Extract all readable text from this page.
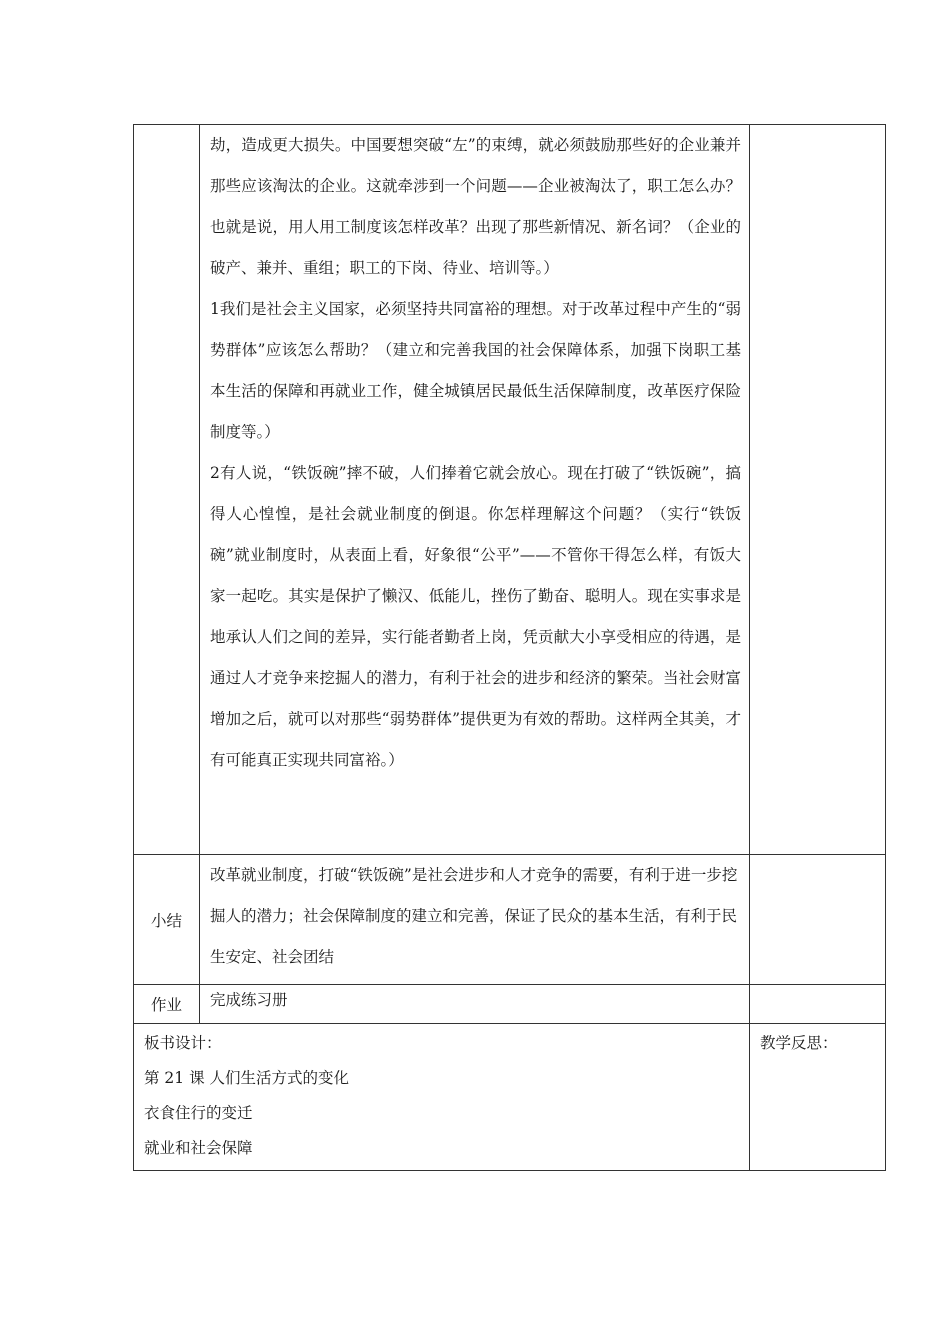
	劫，造成更大损失。中国要想突破“左”的束缚，就必须鼓励那些好的企业兼并那些应该淘汰的企业。这就牵涉到一个问题——企业被淘汰了，职工怎么办？也就是说，用人用工制度该怎样改革？出现了那些新情况、新名词？（企业的破产、兼并、重组；职工的下岗、待业、培训等。）

1我们是社会主义国家，必须坚持共同富裕的理想。对于改革过程中产生的“弱势群体”应该怎么帮助？（建立和完善我国的社会保障体系，加强下岗职工基本生活的保障和再就业工作，健全城镇居民最低生活保障制度，改革医疗保险制度等。）

2有人说，“铁饭碗”摔不破，人们捧着它就会放心。现在打破了“铁饭碗”，搞得人心惶惶，是社会就业制度的倒退。你怎样理解这个问题？（实行“铁饭碗”就业制度时，从表面上看，好象很“公平”——不管你干得怎么样，有饭大家一起吃。其实是保护了懒汉、低能儿，挫伤了勤奋、聪明人。现在实事求是地承认人们之间的差异，实行能者勤者上岗，凭贡献大小享受相应的待遇，是通过人才竞争来挖掘人的潜力，有利于社会的进步和经济的繁荣。当社会财富增加之后，就可以对那些“弱势群体”提供更为有效的帮助。这样两全其美，才有可能真正实现共同富裕。）	

小结	改革就业制度，打破“铁饭碗”是社会进步和人才竞争的需要，有利于进一步挖掘人的潜力；社会保障制度的建立和完善，保证了民众的基本生活，有利于民生安定、社会团结	

作业	完成练习册	

板书设计：
第 21 课 人们生活方式的变化
衣食住行的变迁
就业和社会保障		教学反思：
